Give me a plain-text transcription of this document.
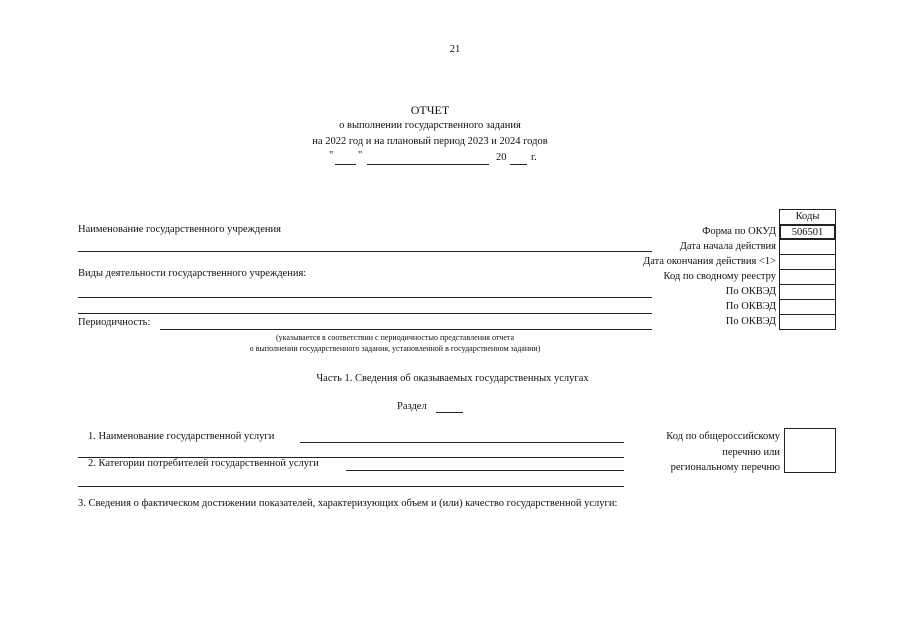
21
ОТЧЕТ
о выполнении государственного задания
на 2022 год и на плановый период 2023 и 2024 годов
" "	20 г.
Коды
506501
Форма по ОКУД
Дата начала действия
Дата окончания действия <1>
Код по сводному реестру
По ОКВЭД
По ОКВЭД
По ОКВЭД
Наименование государственного учреждения
Виды деятельности государственного учреждения:
Периодичность:
(указывается в соответствии с периодичностью представления отчета
о выполнении государственного задания, установленной в государственном задании)
Часть 1. Сведения об оказываемых государственных услугах
Раздел
1. Наименование государственной услуги
2. Категории потребителей государственной услуги
Код по общероссийскому
перечню или
региональному перечню
3. Сведения о фактическом достижении показателей, характеризующих объем и (или) качество государственной услуги:
